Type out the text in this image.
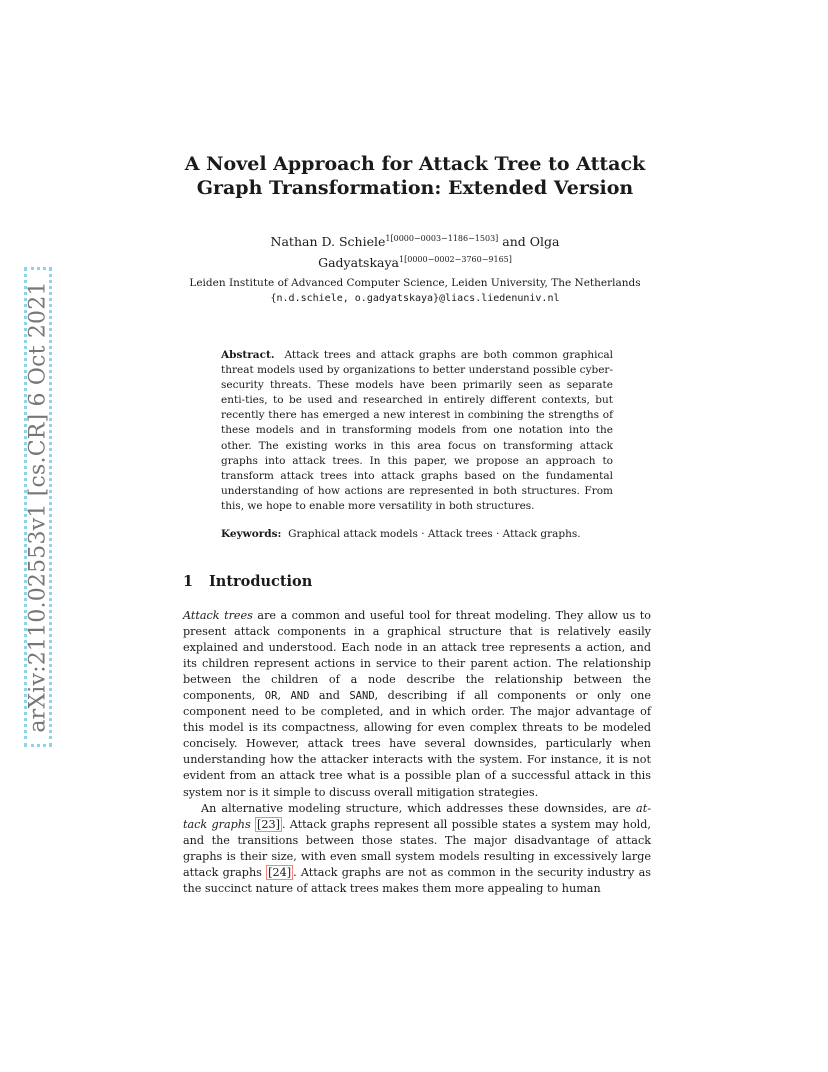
arXiv:2110.02553v1 [cs.CR] 6 Oct 2021
A Novel Approach for Attack Tree to Attack
Graph Transformation: Extended Version
Nathan D. Schiele$^{1[0000-0003-1186-1503]}$ and Olga
Gadyatskaya$^{1[0000-0002-3760-9165]}$
Leiden Institute of Advanced Computer Science, Leiden University, The Netherlands
{n.d.schiele, o.gadyatskaya}@liacs.liedenuniv.nl
Abstract. Attack trees and attack graphs are both common graphical threat models used by organizations to better understand possible cyber-security threats. These models have been primarily seen as separate enti-ties, to be used and researched in entirely different contexts, but recently there has emerged a new interest in combining the strengths of these models and in transforming models from one notation into the other. The existing works in this area focus on transforming attack graphs into attack trees. In this paper, we propose an approach to transform attack trees into attack graphs based on the fundamental understanding of how actions are represented in both structures. From this, we hope to enable more versatility in both structures.
Keywords: Graphical attack models · Attack trees · Attack graphs.
1 Introduction

Attack trees are a common and useful tool for threat modeling. They allow us to present attack components in a graphical structure that is relatively easily explained and understood. Each node in an attack tree represents a action, and its children represent actions in service to their parent action. The relationship between the children of a node describe the relationship between the components, OR, AND and SAND, describing if all components or only one component need to be completed, and in which order. The major advantage of this model is its compactness, allowing for even complex threats to be modeled concisely. However, attack trees have several downsides, particularly when understanding how the attacker interacts with the system. For instance, it is not evident from an attack tree what is a possible plan of a successful attack in this system nor is it simple to discuss overall mitigation strategies.

An alternative modeling structure, which addresses these downsides, are at-tack graphs [23] . Attack graphs represent all possible states a system may hold, and the transitions between those states. The major disadvantage of attack graphs is their size, with even small system models resulting in excessively large attack graphs [24] . Attack graphs are not as common in the security industry as the succinct nature of attack trees makes them more appealing to human
